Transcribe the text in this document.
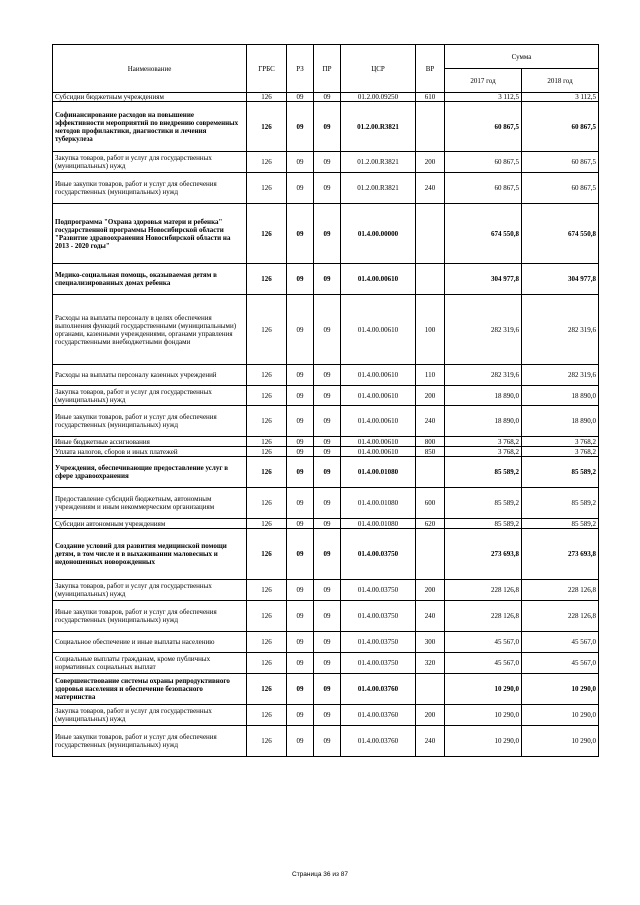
Наименование	ГРБС	РЗ	ПР	ЦСР	ВР	Сумма	
						2017 год	2018 год
Субсидии бюджетным учреждениям	126	09	09	01.2.00.09250	610	3 112,5	3 112,5
Софинансирование расходов на повышение эффективности мероприятий по внедрению современных методов профилактики, диагностики и лечения туберкулеза	126	09	09	01.2.00.R3821		60 867,5	60 867,5
Закупка товаров, работ и услуг для государственных (муниципальных) нужд	126	09	09	01.2.00.R3821	200	60 867,5	60 867,5
Иные закупки товаров, работ и услуг для обеспечения государственных (муниципальных) нужд	126	09	09	01.2.00.R3821	240	60 867,5	60 867,5
Подпрограмма "Охрана здоровья матери и ребенка" государственной программы Новосибирской области "Развитие здравоохранения Новосибирской области на 2013 - 2020 годы"	126	09	09	01.4.00.00000		674 550,8	674 550,8
Медико-социальная помощь, оказываемая детям в специализированных домах ребенка	126	09	09	01.4.00.00610		304 977,8	304 977,8
Расходы на выплаты персоналу в целях обеспечения выполнения функций государственными (муниципальными) органами, казенными учреждениями, органами управления государственными внебюджетными фондами	126	09	09	01.4.00.00610	100	282 319,6	282 319,6
Расходы на выплаты персоналу казенных учреждений	126	09	09	01.4.00.00610	110	282 319,6	282 319,6
Закупка товаров, работ и услуг для государственных (муниципальных) нужд	126	09	09	01.4.00.00610	200	18 890,0	18 890,0
Иные закупки товаров, работ и услуг для обеспечения государственных (муниципальных) нужд	126	09	09	01.4.00.00610	240	18 890,0	18 890,0
Иные бюджетные ассигнования	126	09	09	01.4.00.00610	800	3 768,2	3 768,2
Уплата налогов, сборов и иных платежей	126	09	09	01.4.00.00610	850	3 768,2	3 768,2
Учреждения, обеспечивающие предоставление услуг в сфере здравоохранения	126	09	09	01.4.00.01080		85 589,2	85 589,2
Предоставление субсидий бюджетным, автономным учреждениям и иным некоммерческим организациям	126	09	09	01.4.00.01080	600	85 589,2	85 589,2
Субсидии автономным учреждениям	126	09	09	01.4.00.01080	620	85 589,2	85 589,2
Создание условий для развития медицинской помощи детям, в том числе и в выхаживании маловесных и недоношенных новорожденных	126	09	09	01.4.00.03750		273 693,8	273 693,8
Закупка товаров, работ и услуг для государственных (муниципальных) нужд	126	09	09	01.4.00.03750	200	228 126,8	228 126,8
Иные закупки товаров, работ и услуг для обеспечения государственных (муниципальных) нужд	126	09	09	01.4.00.03750	240	228 126,8	228 126,8
Социальное обеспечение и иные выплаты населению	126	09	09	01.4.00.03750	300	45 567,0	45 567,0
Социальные выплаты гражданам, кроме публичных нормативных социальных выплат	126	09	09	01.4.00.03750	320	45 567,0	45 567,0
Совершенствование системы охраны репродуктивного здоровья населения и обеспечение безопасного материнства	126	09	09	01.4.00.03760		10 290,0	10 290,0
Закупка товаров, работ и услуг для государственных (муниципальных) нужд	126	09	09	01.4.00.03760	200	10 290,0	10 290,0
Иные закупки товаров, работ и услуг для обеспечения государственных (муниципальных) нужд	126	09	09	01.4.00.03760	240	10 290,0	10 290,0
Страница 36 из 87
